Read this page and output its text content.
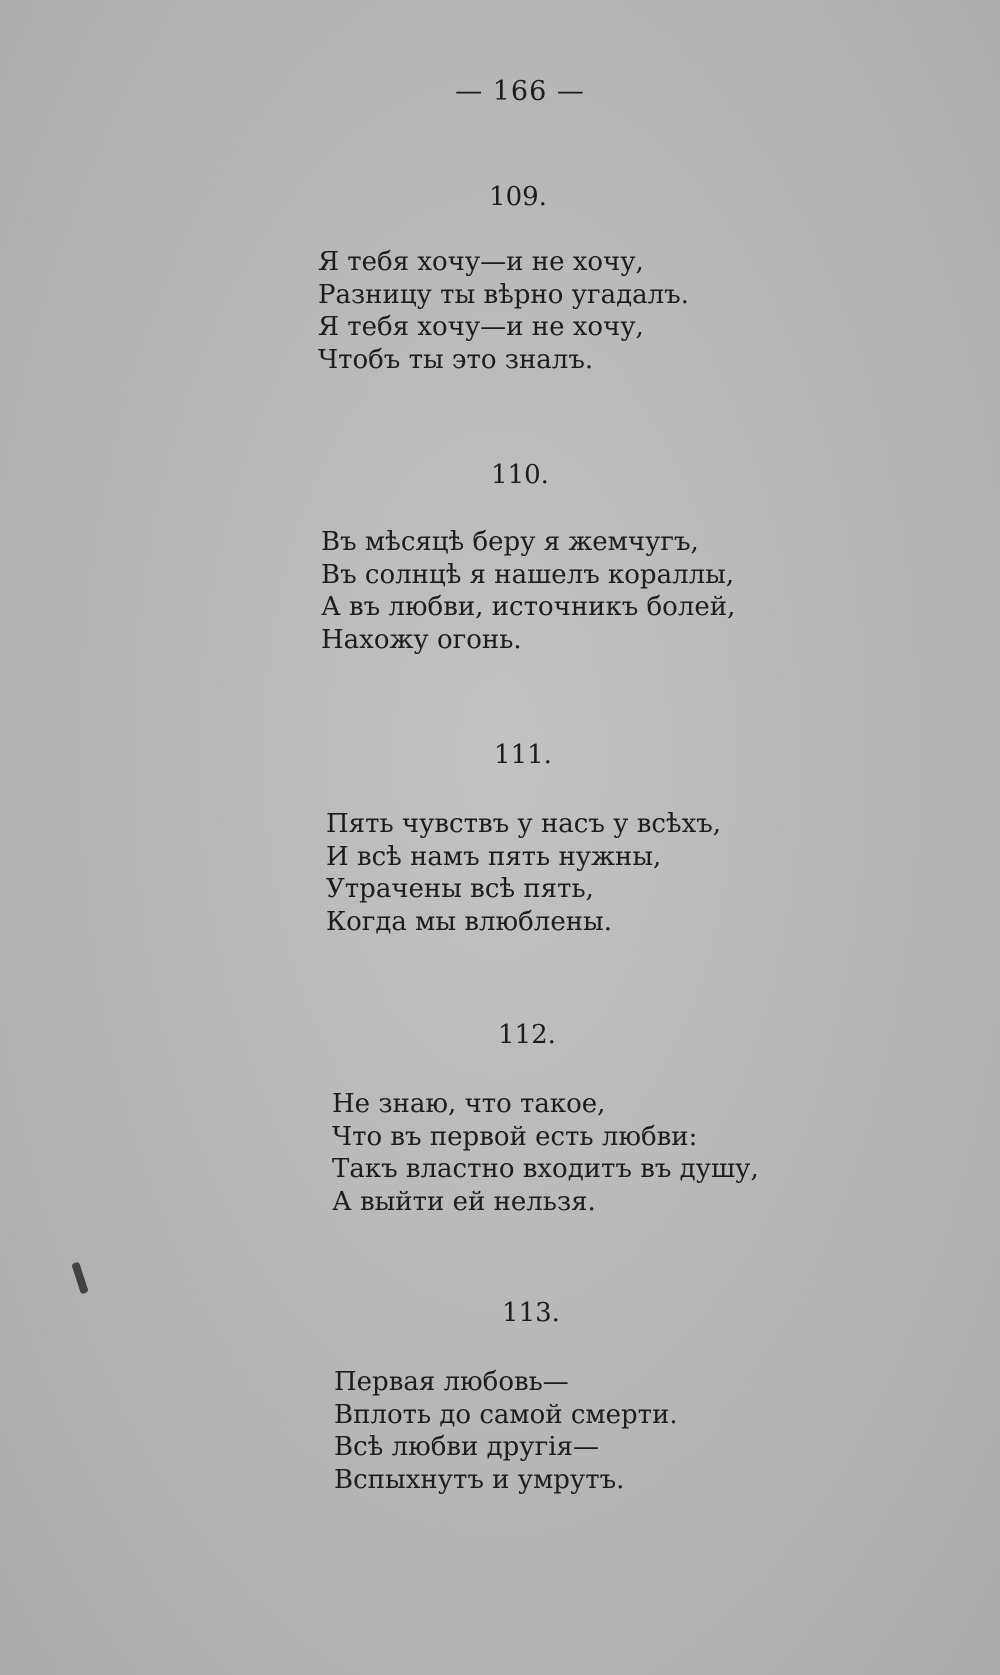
— 166 —
109.
Я тебя хочу—и не хочу,
Разницу ты вѣрно угадалъ.
Я тебя хочу—и не хочу,
Чтобъ ты это зналъ.
110.
Въ мѣсяцѣ беру я жемчугъ,
Въ солнцѣ я нашелъ кораллы,
А въ любви, источникъ болей,
Нахожу огонь.
111.
Пять чувствъ у насъ у всѣхъ,
И всѣ намъ пять нужны,
Утрачены всѣ пять,
Когда мы влюблены.
112.
Не знаю, что такое,
Что въ первой есть любви:
Такъ властно входитъ въ душу,
А выйти ей нельзя.
113.
Первая любовь—
Вплоть до самой смерти.
Всѣ любви другія—
Вспыхнутъ и умрутъ.
